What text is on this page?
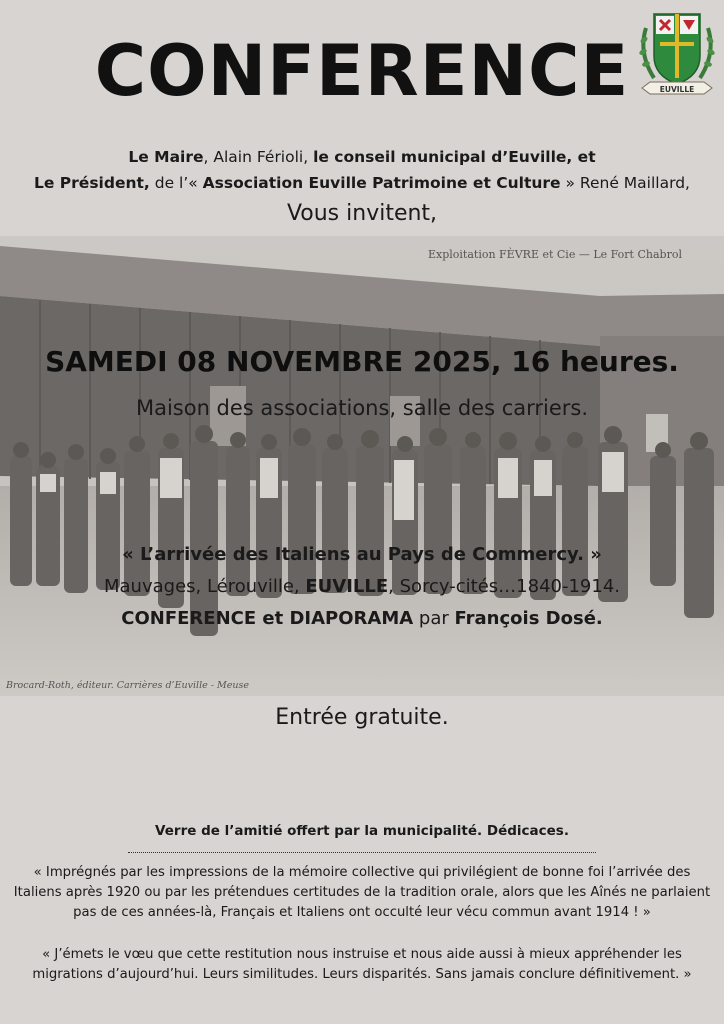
CONFERENCE	EUVILLE
Le Maire, Alain Férioli, le conseil municipal d’Euville, et
Le Président, de l’« Association Euville Patrimoine et Culture » René Maillard,
Vous invitent,
Exploitation FÈVRE et Cie — Le Fort Chabrol
Brocard-Roth, éditeur. Carrières d’Euville - Meuse
SAMEDI 08 NOVEMBRE 2025, 16 heures.
Maison des associations, salle des carriers.
« L’arrivée des Italiens au Pays de Commercy. »
Mauvages, Lérouville, EUVILLE, Sorcy-cités…1840-1914.
CONFERENCE et DIAPORAMA par François Dosé.
Entrée gratuite.
Verre de l’amitié offert par la municipalité. Dédicaces.
« Imprégnés par les impressions de la mémoire collective qui privilégient de bonne foi l’arrivée des Italiens après 1920 ou par les prétendues certitudes de la tradition orale, alors que les Aînés ne parlaient pas de ces années-là, Français et Italiens ont occulté leur vécu commun avant 1914 ! »
« J’émets le vœu que cette restitution nous instruise et nous aide aussi à mieux appréhender les migrations d’aujourd’hui. Leurs similitudes. Leurs disparités. Sans jamais conclure définitivement. »
